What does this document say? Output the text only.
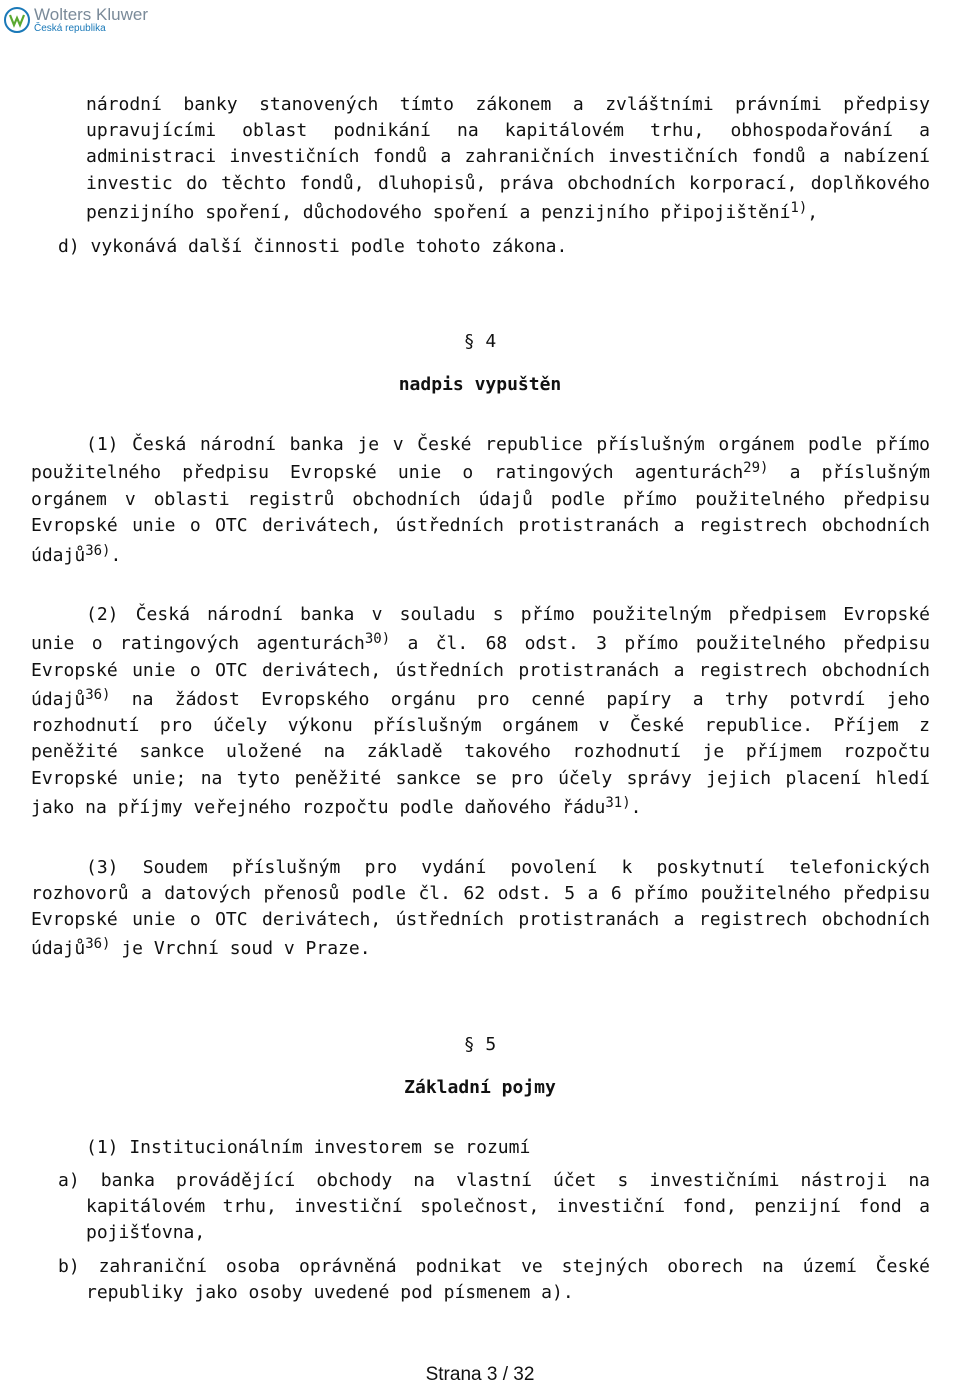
Wolters Kluwer
Česká republika
národní banky stanovených tímto zákonem a zvláštními právními předpisy
upravujícími oblast podnikání na kapitálovém trhu, obhospodařování a
administraci investičních fondů a zahraničních investičních fondů a nabízení
investic do těchto fondů, dluhopisů, práva obchodních korporací, doplňkového
penzijního spoření, důchodového spoření a penzijního připojištění$^{1)}$,
d) vykonává další činnosti podle tohoto zákona.
§ 4
nadpis vypuštěn
(1) Česká národní banka je v České republice příslušným orgánem podle přímo
použitelného předpisu Evropské unie o ratingových agenturách$^{29)}$ a příslušným
orgánem v oblasti registrů obchodních údajů podle přímo použitelného předpisu
Evropské unie o OTC derivátech, ústředních protistranách a registrech obchodních
údajů$^{36)}$.
(2) Česká národní banka v souladu s přímo použitelným předpisem Evropské
unie o ratingových agenturách$^{30)}$ a čl. 68 odst. 3 přímo použitelného předpisu
Evropské unie o OTC derivátech, ústředních protistranách a registrech obchodních
údajů$^{36)}$ na žádost Evropského orgánu pro cenné papíry a trhy potvrdí jeho
rozhodnutí pro účely výkonu příslušným orgánem v České republice. Příjem z
peněžité sankce uložené na základě takového rozhodnutí je příjmem rozpočtu
Evropské unie; na tyto peněžité sankce se pro účely správy jejich placení hledí
jako na příjmy veřejného rozpočtu podle daňového řádu$^{31)}$.
(3) Soudem příslušným pro vydání povolení k poskytnutí telefonických
rozhovorů a datových přenosů podle čl. 62 odst. 5 a 6 přímo použitelného předpisu
Evropské unie o OTC derivátech, ústředních protistranách a registrech obchodních
údajů$^{36)}$ je Vrchní soud v Praze.
§ 5
Základní pojmy
(1) Institucionálním investorem se rozumí
a) banka provádějící obchody na vlastní účet s investičními nástroji na
kapitálovém trhu, investiční společnost, investiční fond, penzijní fond a
pojišťovna,
b) zahraniční osoba oprávněná podnikat ve stejných oborech na území České
republiky jako osoby uvedené pod písmenem a).
Strana 3 / 32
